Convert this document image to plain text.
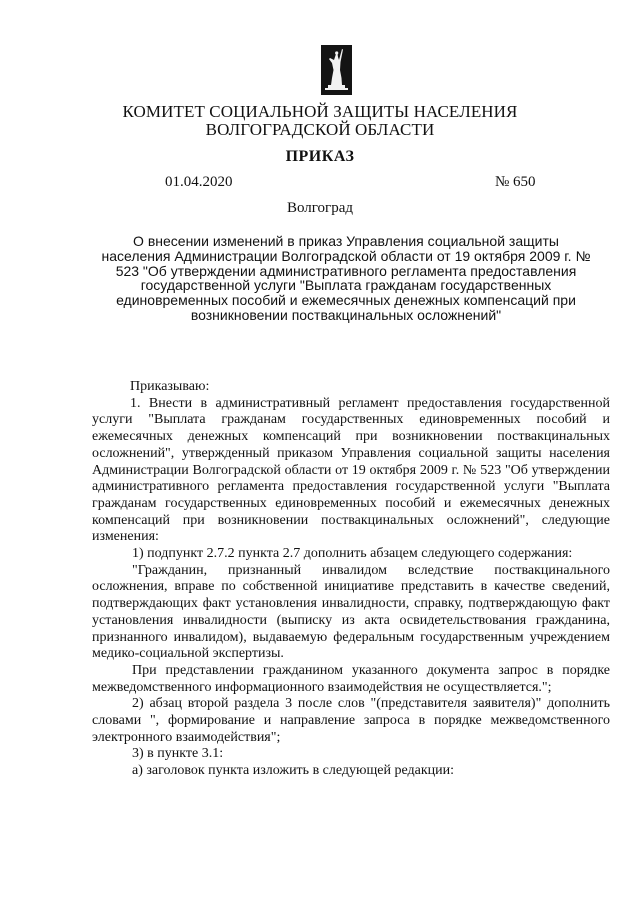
КОМИТЕТ СОЦИАЛЬНОЙ ЗАЩИТЫ НАСЕЛЕНИЯ
ВОЛГОГРАДСКОЙ ОБЛАСТИ
ПРИКАЗ
01.04.2020	№ 650
Волгоград
О внесении изменений в приказ Управления социальной защиты населения Администрации Волгоградской области от 19 октября 2009 г. № 523 "Об утверждении административного регламента предоставления государственной услуги "Выплата гражданам государственных единовременных пособий и ежемесячных денежных компенсаций при возникновении поствакцинальных осложнений"

Приказываю:

1. Внести в административный регламент предоставления государственной услуги "Выплата гражданам государственных единовременных пособий и ежемесячных денежных компенсаций при возникновении поствакцинальных осложнений", утвержденный приказом Управления социальной защиты населения Администрации Волгоградской области от 19 октября 2009 г. № 523 "Об утверждении административного регламента предоставления государственной услуги "Выплата гражданам государственных единовременных пособий и ежемесячных денежных компенсаций при возникновении поствакцинальных осложнений", следующие изменения:

1) подпункт 2.7.2 пункта 2.7 дополнить абзацем следующего содержания:

"Гражданин, признанный инвалидом вследствие поствакцинального осложнения, вправе по собственной инициативе представить в качестве сведений, подтверждающих факт установления инвалидности, справку, подтверждающую факт установления инвалидности (выписку из акта освидетельствования гражданина, признанного инвалидом), выдаваемую федеральным государственным учреждением медико-социальной экспертизы.

При представлении гражданином указанного документа запрос в порядке межведомственного информационного взаимодействия не осуществляется.";

2) абзац второй раздела 3 после слов "(представителя заявителя)" дополнить словами ", формирование и направление запроса в порядке межведомственного электронного взаимодействия";

3) в пункте 3.1:

а) заголовок пункта изложить в следующей редакции:
